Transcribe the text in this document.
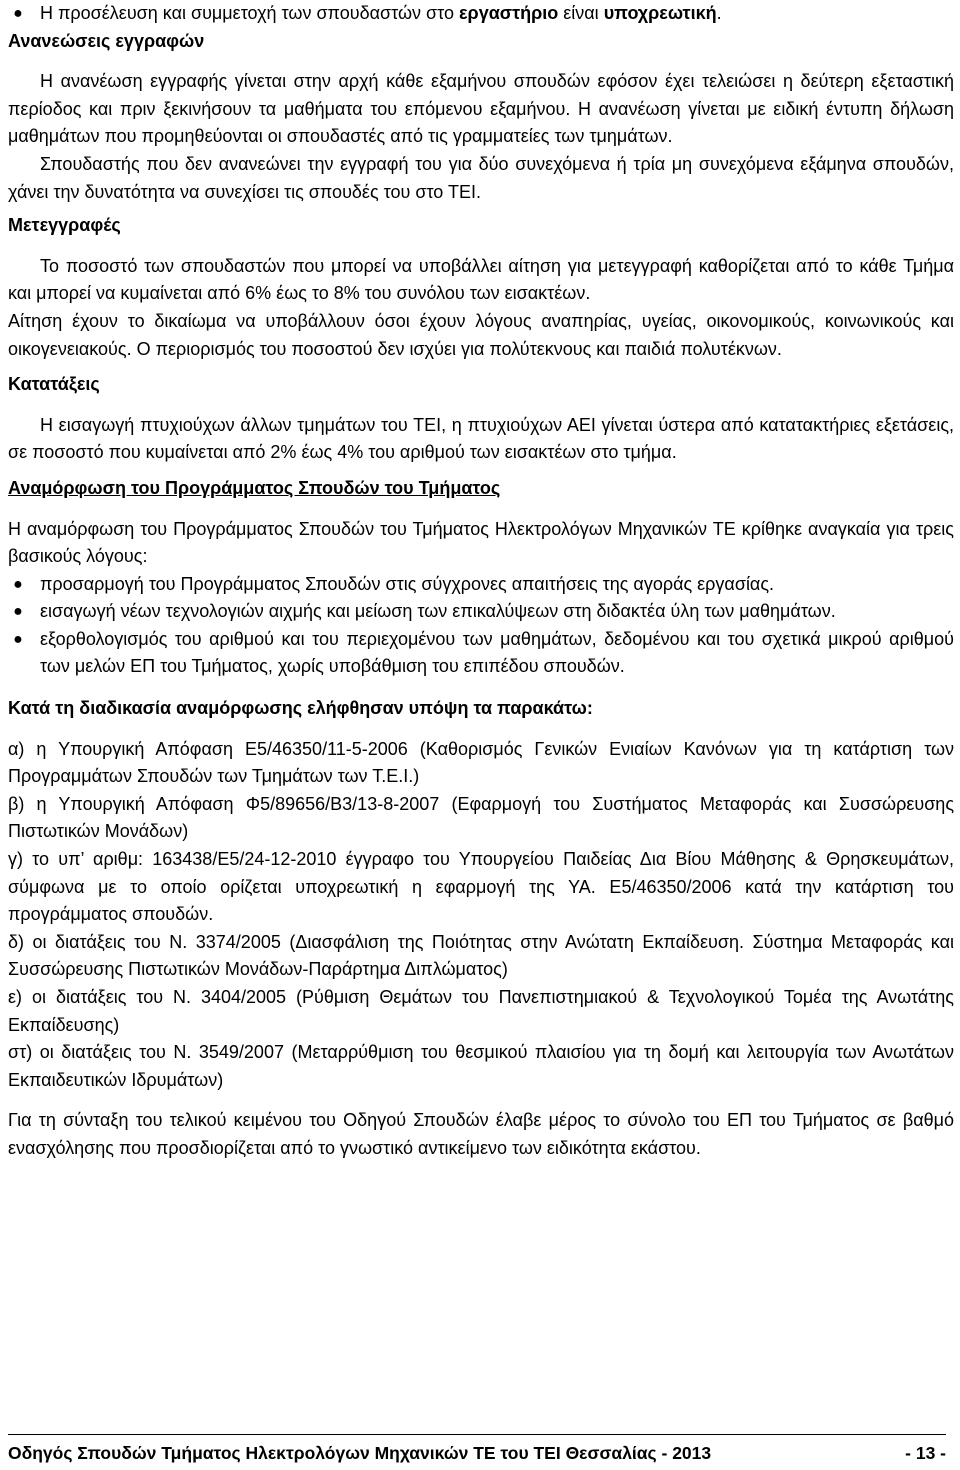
● Η προσέλευση και συμμετοχή των σπουδαστών στο εργαστήριο είναι υποχρεωτική.

Ανανεώσεις εγγραφών

Η ανανέωση εγγραφής γίνεται στην αρχή κάθε εξαμήνου σπουδών εφόσον έχει τελειώσει η δεύτερη εξεταστική περίοδος και πριν ξεκινήσουν τα μαθήματα του επόμενου εξαμήνου. Η ανανέωση γίνεται με ειδική έντυπη δήλωση μαθημάτων που προμηθεύονται οι σπουδαστές από τις γραμματείες των τμημάτων.

Σπουδαστής που δεν ανανεώνει την εγγραφή του για δύο συνεχόμενα ή τρία μη συνεχόμενα εξάμηνα σπουδών, χάνει την δυνατότητα να συνεχίσει τις σπουδές του στο ΤΕΙ.

Μετεγγραφές

Το ποσοστό των σπουδαστών που μπορεί να υποβάλλει αίτηση για μετεγγραφή καθορίζεται από το κάθε Τμήμα και μπορεί να κυμαίνεται από 6% έως το 8% του συνόλου των εισακτέων.

Αίτηση έχουν το δικαίωμα να υποβάλλουν όσοι έχουν λόγους αναπηρίας, υγείας, οικονομικούς, κοινωνικούς και οικογενειακούς. Ο περιορισμός του ποσοστού δεν ισχύει για πολύτεκνους και παιδιά πολυτέκνων.

Κατατάξεις

Η εισαγωγή πτυχιούχων άλλων τμημάτων του ΤΕΙ, η πτυχιούχων ΑΕΙ γίνεται ύστερα από κατατακτήριες εξετάσεις, σε ποσοστό που κυμαίνεται από 2% έως 4% του αριθμού των εισακτέων στο τμήμα.

Αναμόρφωση του Προγράμματος Σπουδών του Τμήματος

Η αναμόρφωση του Προγράμματος Σπουδών του Τμήματος Ηλεκτρολόγων Μηχανικών ΤΕ κρίθηκε αναγκαία για τρεις βασικούς λόγους:

● προσαρμογή του Προγράμματος Σπουδών στις σύγχρονες απαιτήσεις της αγοράς εργασίας.

● εισαγωγή νέων τεχνολογιών αιχμής και μείωση των επικαλύψεων στη διδακτέα ύλη των μαθημάτων.

● εξορθολογισμός του αριθμού και του περιεχομένου των μαθημάτων, δεδομένου και του σχετικά μικρού αριθμού των μελών ΕΠ του Τμήματος, χωρίς υποβάθμιση του επιπέδου σπουδών.

Κατά τη διαδικασία αναμόρφωσης ελήφθησαν υπόψη τα παρακάτω:

α) η Υπουργική Απόφαση Ε5/46350/11-5-2006 (Καθορισμός Γενικών Ενιαίων Κανόνων για τη κατάρτιση των Προγραμμάτων Σπουδών των Τμημάτων των Τ.Ε.Ι.)

β) η Υπουργική Απόφαση Φ5/89656/Β3/13-8-2007 (Εφαρμογή του Συστήματος Μεταφοράς και Συσσώρευσης Πιστωτικών Μονάδων)

γ) το υπ’ αριθμ: 163438/Ε5/24-12-2010 έγγραφο του Υπουργείου Παιδείας Δια Βίου Μάθησης & Θρησκευμάτων, σύμφωνα με το οποίο ορίζεται υποχρεωτική η εφαρμογή της ΥΑ. Ε5/46350/2006 κατά την κατάρτιση του προγράμματος σπουδών.

δ) οι διατάξεις του Ν. 3374/2005 (Διασφάλιση της Ποιότητας στην Ανώτατη Εκπαίδευση. Σύστημα Μεταφοράς και Συσσώρευσης Πιστωτικών Μονάδων-Παράρτημα Διπλώματος)

ε) οι διατάξεις του Ν. 3404/2005 (Ρύθμιση Θεμάτων του Πανεπιστημιακού & Τεχνολογικού Τομέα της Ανωτάτης Εκπαίδευσης)

στ) οι διατάξεις του Ν. 3549/2007 (Μεταρρύθμιση του θεσμικού πλαισίου για τη δομή και λειτουργία των Ανωτάτων Εκπαιδευτικών Ιδρυμάτων)

Για τη σύνταξη του τελικού κειμένου του Οδηγού Σπουδών έλαβε μέρος το σύνολο του ΕΠ του Τμήματος σε βαθμό ενασχόλησης που προσδιορίζεται από το γνωστικό αντικείμενο των ειδικότητα εκάστου.

Οδηγός Σπουδών Τμήματος Ηλεκτρολόγων Μηχανικών ΤΕ του ΤΕΙ Θεσσαλίας - 2013	- 13 -
